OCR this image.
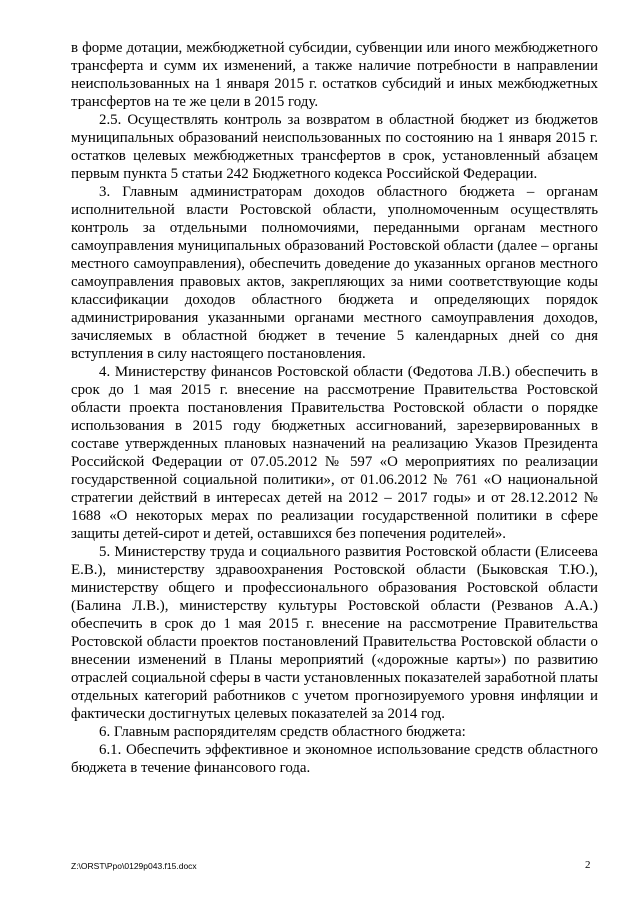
в форме дотации, межбюджетной субсидии, субвенции или иного межбюджетного трансферта и сумм их изменений, а также наличие потребности в направлении неиспользованных на 1 января 2015 г. остатков субсидий и иных межбюджетных трансфертов на те же цели в 2015 году.

2.5. Осуществлять контроль за возвратом в областной бюджет из бюджетов муниципальных образований неиспользованных по состоянию на 1 января 2015 г. остатков целевых межбюджетных трансфертов в срок, установленный абзацем первым пункта 5 статьи 242 Бюджетного кодекса Российской Федерации.

3. Главным администраторам доходов областного бюджета – органам исполнительной власти Ростовской области, уполномоченным осуществлять контроль за отдельными полномочиями, переданными органам местного самоуправления муниципальных образований Ростовской области (далее – органы местного самоуправления), обеспечить доведение до указанных органов местного самоуправления правовых актов, закрепляющих за ними соответствующие коды классификации доходов областного бюджета и определяющих порядок администрирования указанными органами местного самоуправления доходов, зачисляемых в областной бюджет в течение 5 календарных дней со дня вступления в силу настоящего постановления.

4. Министерству финансов Ростовской области (Федотова Л.В.) обеспечить в срок до 1 мая 2015 г. внесение на рассмотрение Правительства Ростовской области проекта постановления Правительства Ростовской области о порядке использования в 2015 году бюджетных ассигнований, зарезервированных в составе утвержденных плановых назначений на реализацию Указов Президента Российской Федерации от 07.05.2012 № 597 «О мероприятиях по реализации государственной социальной политики», от 01.06.2012 № 761 «О национальной стратегии действий в интересах детей на 2012 – 2017 годы» и от 28.12.2012 № 1688 «О некоторых мерах по реализации государственной политики в сфере защиты детей-сирот и детей, оставшихся без попечения родителей».

5. Министерству труда и социального развития Ростовской области (Елисеева Е.В.), министерству здравоохранения Ростовской области (Быковская Т.Ю.), министерству общего и профессионального образования Ростовской области (Балина Л.В.), министерству культуры Ростовской области (Резванов А.А.) обеспечить в срок до 1 мая 2015 г. внесение на рассмотрение Правительства Ростовской области проектов постановлений Правительства Ростовской области о внесении изменений в Планы мероприятий («дорожные карты») по развитию отраслей социальной сферы в части установленных показателей заработной платы отдельных категорий работников с учетом прогнозируемого уровня инфляции и фактически достигнутых целевых показателей за 2014 год.

6. Главным распорядителям средств областного бюджета:

6.1. Обеспечить эффективное и экономное использование средств областного бюджета в течение финансового года.

Z:\ORST\Ppo\0129p043.f15.docx	2
